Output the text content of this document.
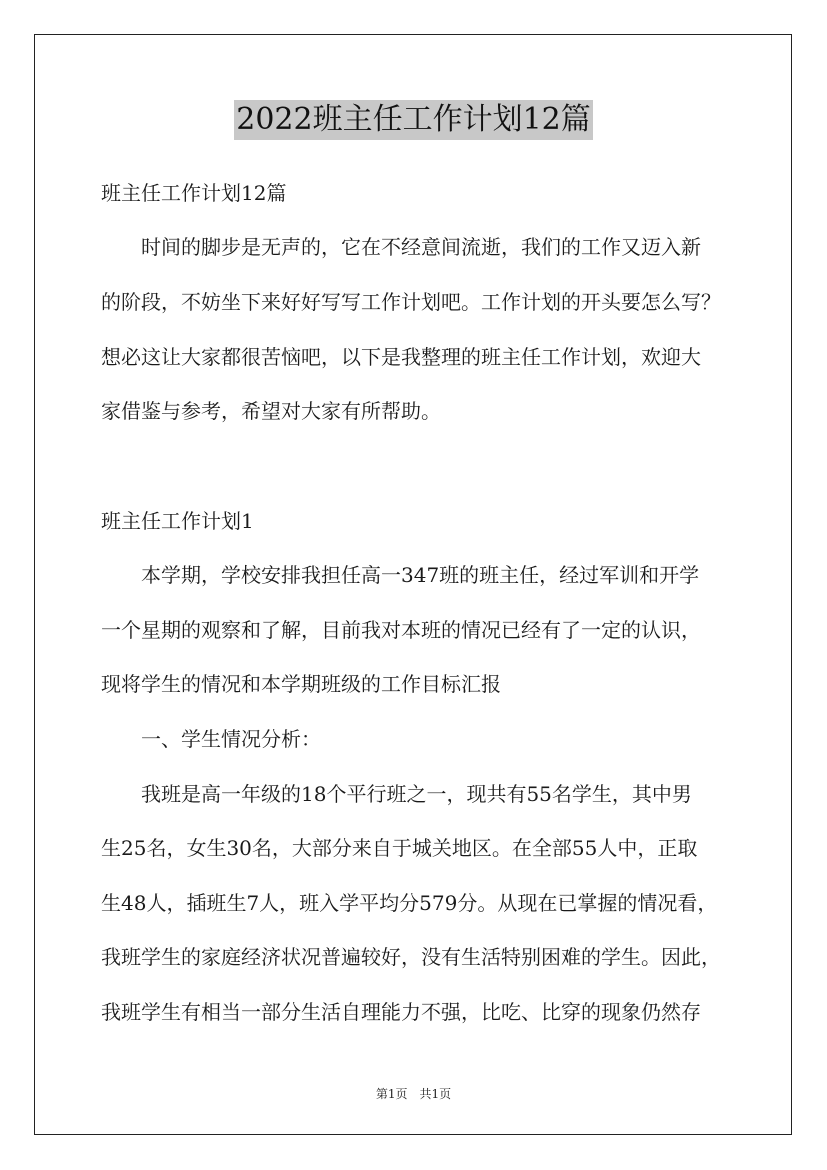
2022班主任工作计划12篇
班主任工作计划12篇
　　时间的脚步是无声的，它在不经意间流逝，我们的工作又迈入新
的阶段，不妨坐下来好好写写工作计划吧。工作计划的开头要怎么写？
想必这让大家都很苦恼吧，以下是我整理的班主任工作计划，欢迎大
家借鉴与参考，希望对大家有所帮助。
班主任工作计划1
　　本学期，学校安排我担任高一347班的班主任，经过军训和开学
一个星期的观察和了解，目前我对本班的情况已经有了一定的认识，
现将学生的情况和本学期班级的工作目标汇报
　　一、学生情况分析：
　　我班是高一年级的18个平行班之一，现共有55名学生，其中男
生25名，女生30名，大部分来自于城关地区。在全部55人中，正取
生48人，插班生7人，班入学平均分579分。从现在已掌握的情况看，
我班学生的家庭经济状况普遍较好，没有生活特别困难的学生。因此，
我班学生有相当一部分生活自理能力不强，比吃、比穿的现象仍然存
第1页　共1页
